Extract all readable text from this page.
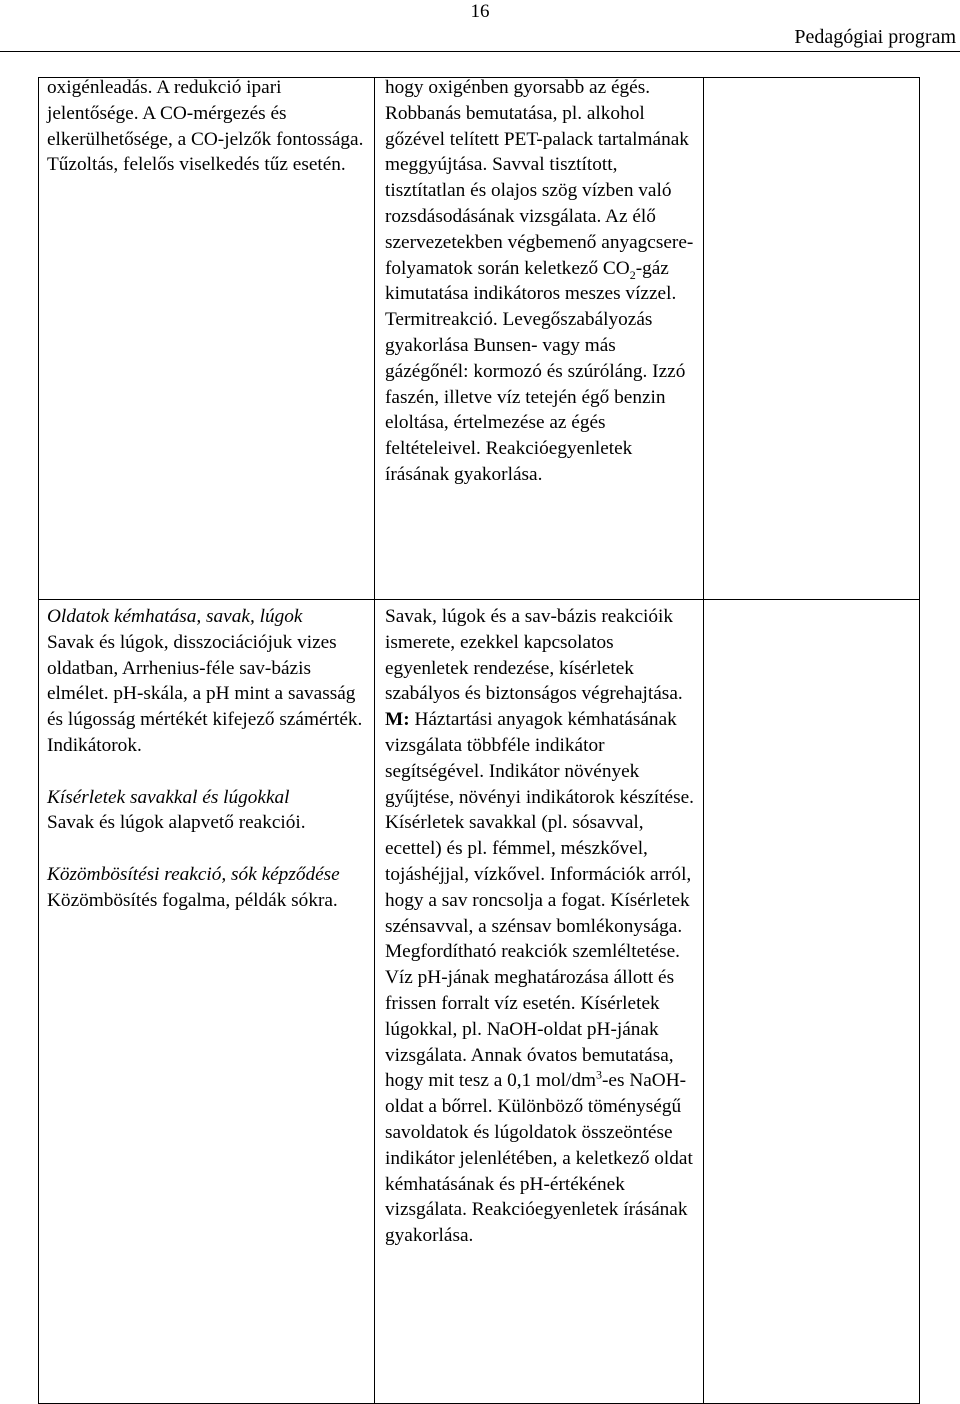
16
Pedagógiai program

oxigénleadás. A redukció ipari jelentősége. A CO-mérgezés és elkerülhetősége, a CO-jelzők fontossága. Tűzoltás, felelős viselkedés tűz esetén.

hogy oxigénben gyorsabb az égés. Robbanás bemutatása, pl. alkohol gőzével telített PET-palack tartalmának meggyújtása. Savval tisztított, tisztítatlan és olajos szög vízben való rozsdásodásának vizsgálata. Az élő szervezetekben végbemenő anyagcsere-folyamatok során keletkező $CO_2$-gáz kimutatása indikátoros meszes vízzel. Termitreakció. Levegőszabályozás gyakorlása Bunsen- vagy más gázégőnél: kormozó és szúróláng. Izzó faszén, illetve víz tetején égő benzin eloltása, értelmezése az égés feltételeivel. Reakcióegyenletek írásának gyakorlása.

Oldatok kémhatása, savak, lúgok

Savak és lúgok, disszociációjuk vizes oldatban, Arrhenius-féle sav-bázis elmélet. pH-skála, a pH mint a savasság és lúgosság mértékét kifejező számérték. Indikátorok.

Kísérletek savakkal és lúgokkal

Savak és lúgok alapvető reakciói.

Közömbösítési reakció, sók képződése

Közömbösítés fogalma, példák sókra.

Savak, lúgok és a sav-bázis reakcióik ismerete, ezekkel kapcsolatos egyenletek rendezése, kísérletek szabályos és biztonságos végrehajtása.

M: Háztartási anyagok kémhatásának vizsgálata többféle indikátor segítségével. Indikátor növények gyűjtése, növényi indikátorok készítése. Kísérletek savakkal (pl. sósavval, ecettel) és pl. fémmel, mészkővel, tojáshéjjal, vízkővel. Információk arról, hogy a sav roncsolja a fogat. Kísérletek szénsavval, a szénsav bomlékonysága. Megfordítható reakciók szemléltetése. Víz pH-jának meghatározása állott és frissen forralt víz esetén. Kísérletek lúgokkal, pl. NaOH-oldat pH-jának vizsgálata. Annak óvatos bemutatása, hogy mit tesz a 0,1 mol/$dm^3-es$ NaOH-oldat a bőrrel. Különböző töménységű savoldatok és lúgoldatok összeöntése indikátor jelenlétében, a keletkező oldat kémhatásának és pH-értékének vizsgálata. Reakcióegyenletek írásának gyakorlása.
